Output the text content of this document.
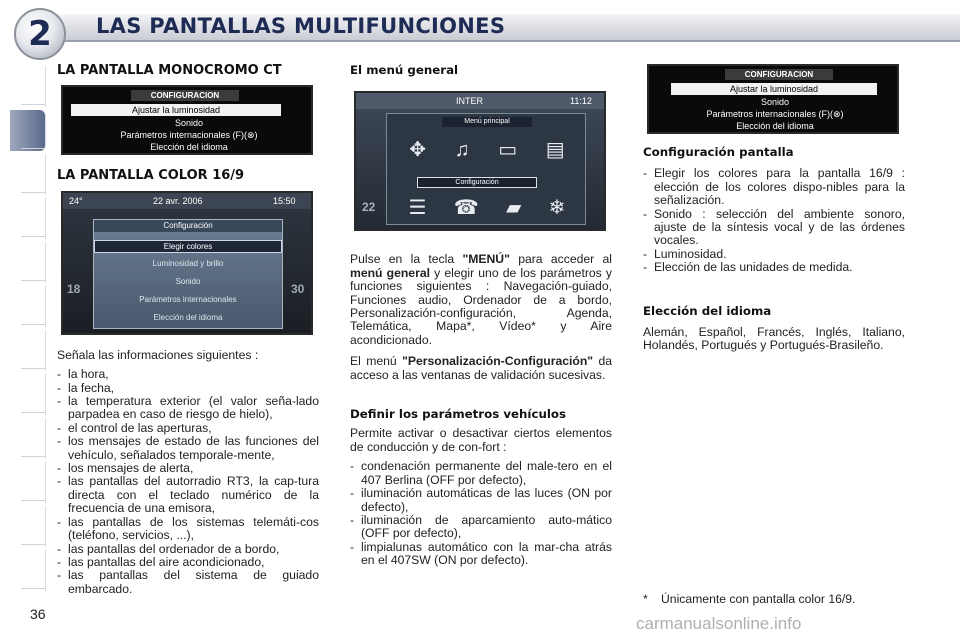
2	LAS PANTALLAS MULTIFUNCIONES
36
LA PANTALLA MONOCROMO CT
CONFIGURACION
Ajustar la luminosidad
Sonido
Parámetros internacionales (F)(⊗)
Elección del idioma
LA PANTALLA COLOR 16/9
24°	22 avr. 2006	15:50
18	30
Configuración
Elegir colores
Luminosidad y brillo
Sonido
Parámetros internacionales
Elección del idioma

Señala las informaciones siguientes :

- la hora,
- la fecha,
- la temperatura exterior (el valor seña-lado parpadea en caso de riesgo de hielo),
- el control de las aperturas,
- los mensajes de estado de las funciones del vehículo, señalados temporale-mente,
- los mensajes de alerta,
- las pantallas del autorradio RT3, la cap-tura directa con el teclado numérico de la frecuencia de una emisora,
- las pantallas de los sistemas telemáti-cos (teléfono, servicios, ...),
- las pantallas del ordenador de a bordo,
- las pantallas del aire acondicionado,
- las pantallas del sistema de guiado embarcado.
El menú general
INTER	11:12
22
Menú principal
✥ ♫ ▭ ▤
Configuración
☰ ☎ ▰ ❄

Pulse en la tecla "MENÚ" para acceder al menú general y elegir uno de los parámetros y funciones siguientes : Navegación-guiado, Funciones audio, Ordenador de a bordo, Personalización-configuración, Agenda, Telemática, Mapa*, Vídeo* y Aire acondicionado.

El menú "Personalización-Configuración" da acceso a las ventanas de validación sucesivas.

Definir los parámetros vehículos

Permite activar o desactivar ciertos elementos de conducción y de con-fort :

- condenación permanente del male-tero en el 407 Berlina (OFF por defecto),
- iluminación automáticas de las luces (ON por defecto),
- iluminación de aparcamiento auto-mático (OFF por defecto),
- limpialunas automático con la mar-cha atrás en el 407SW (ON por defecto).
CONFIGURACION
Ajustar la luminosidad
Sonido
Parámetros internacionales (F)(⊗)
Elección del idioma
Configuración pantalla
- Elegir los colores para la pantalla 16/9 : elección de los colores dispo-nibles para la señalización.
- Sonido : selección del ambiente sonoro, ajuste de la síntesis vocal y de las órdenes vocales.
- Luminosidad.
- Elección de las unidades de medida.
Elección del idioma

Alemán, Español, Francés, Inglés, Italiano, Holandés, Portugués y Portugués-Brasileño.

*	Únicamente con pantalla color 16/9.
carmanualsonline.info
